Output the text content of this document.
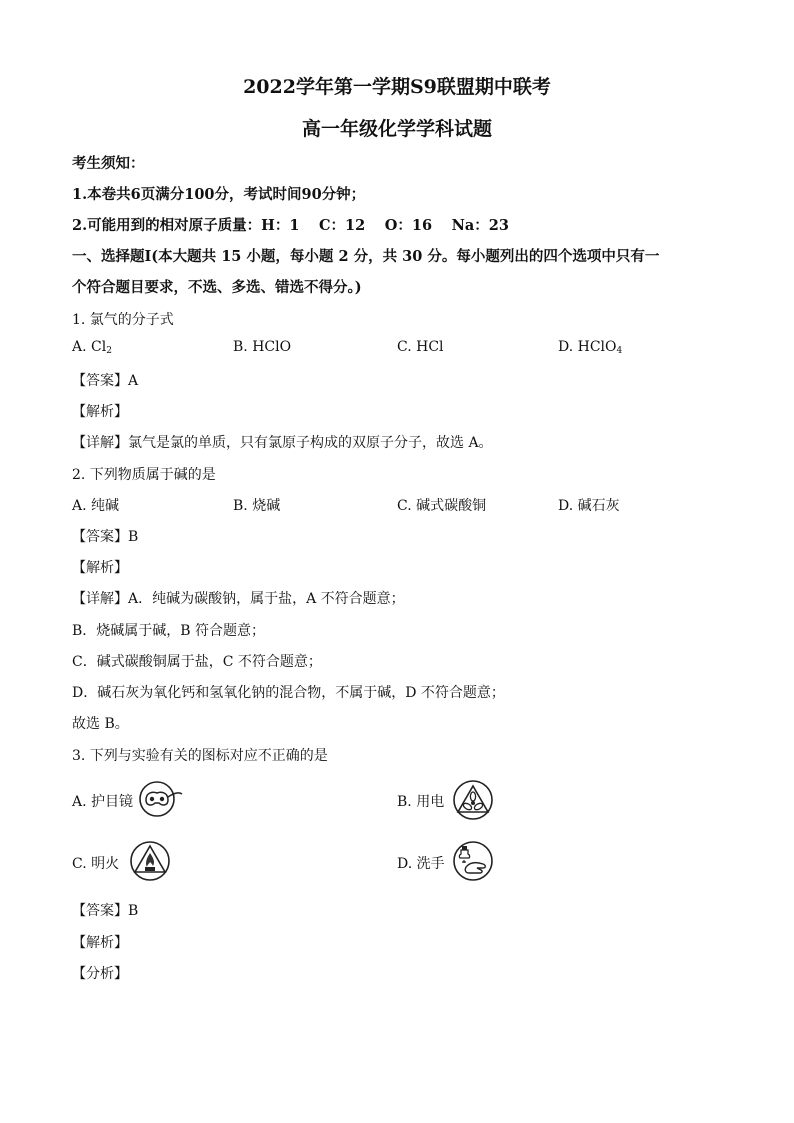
2022学年第一学期S9联盟期中联考
高一年级化学学科试题
考生须知：
1.本卷共6页满分100分，考试时间90分钟；
2.可能用到的相对原子质量：H：1　 C：12　 O：16　 Na：23
一、选择题Ⅰ(本大题共 15 小题，每小题 2 分，共 30 分。每小题列出的四个选项中只有一
个符合题目要求，不选、多选、错选不得分。)
1. 氯气的分子式
A. $Cl_2$	B. HClO	C. HCl	D. HClO$_4$
【答案】A
【解析】
【详解】氯气是氯的单质，只有氯原子构成的双原子分子，故选 A。
2. 下列物质属于碱的是
A. 纯碱	B. 烧碱	C. 碱式碳酸铜	D. 碱石灰
【答案】B
【解析】
【详解】A．纯碱为碳酸钠，属于盐，A 不符合题意；
B．烧碱属于碱，B 符合题意；
C．碱式碳酸铜属于盐，C 不符合题意；
D．碱石灰为氧化钙和氢氧化钠的混合物，不属于碱，D 不符合题意；
故选 B。
3. 下列与实验有关的图标对应不正确的是
A. 护目镜	B. 用电
C. 明火	D. 洗手
【答案】B
【解析】
【分析】
